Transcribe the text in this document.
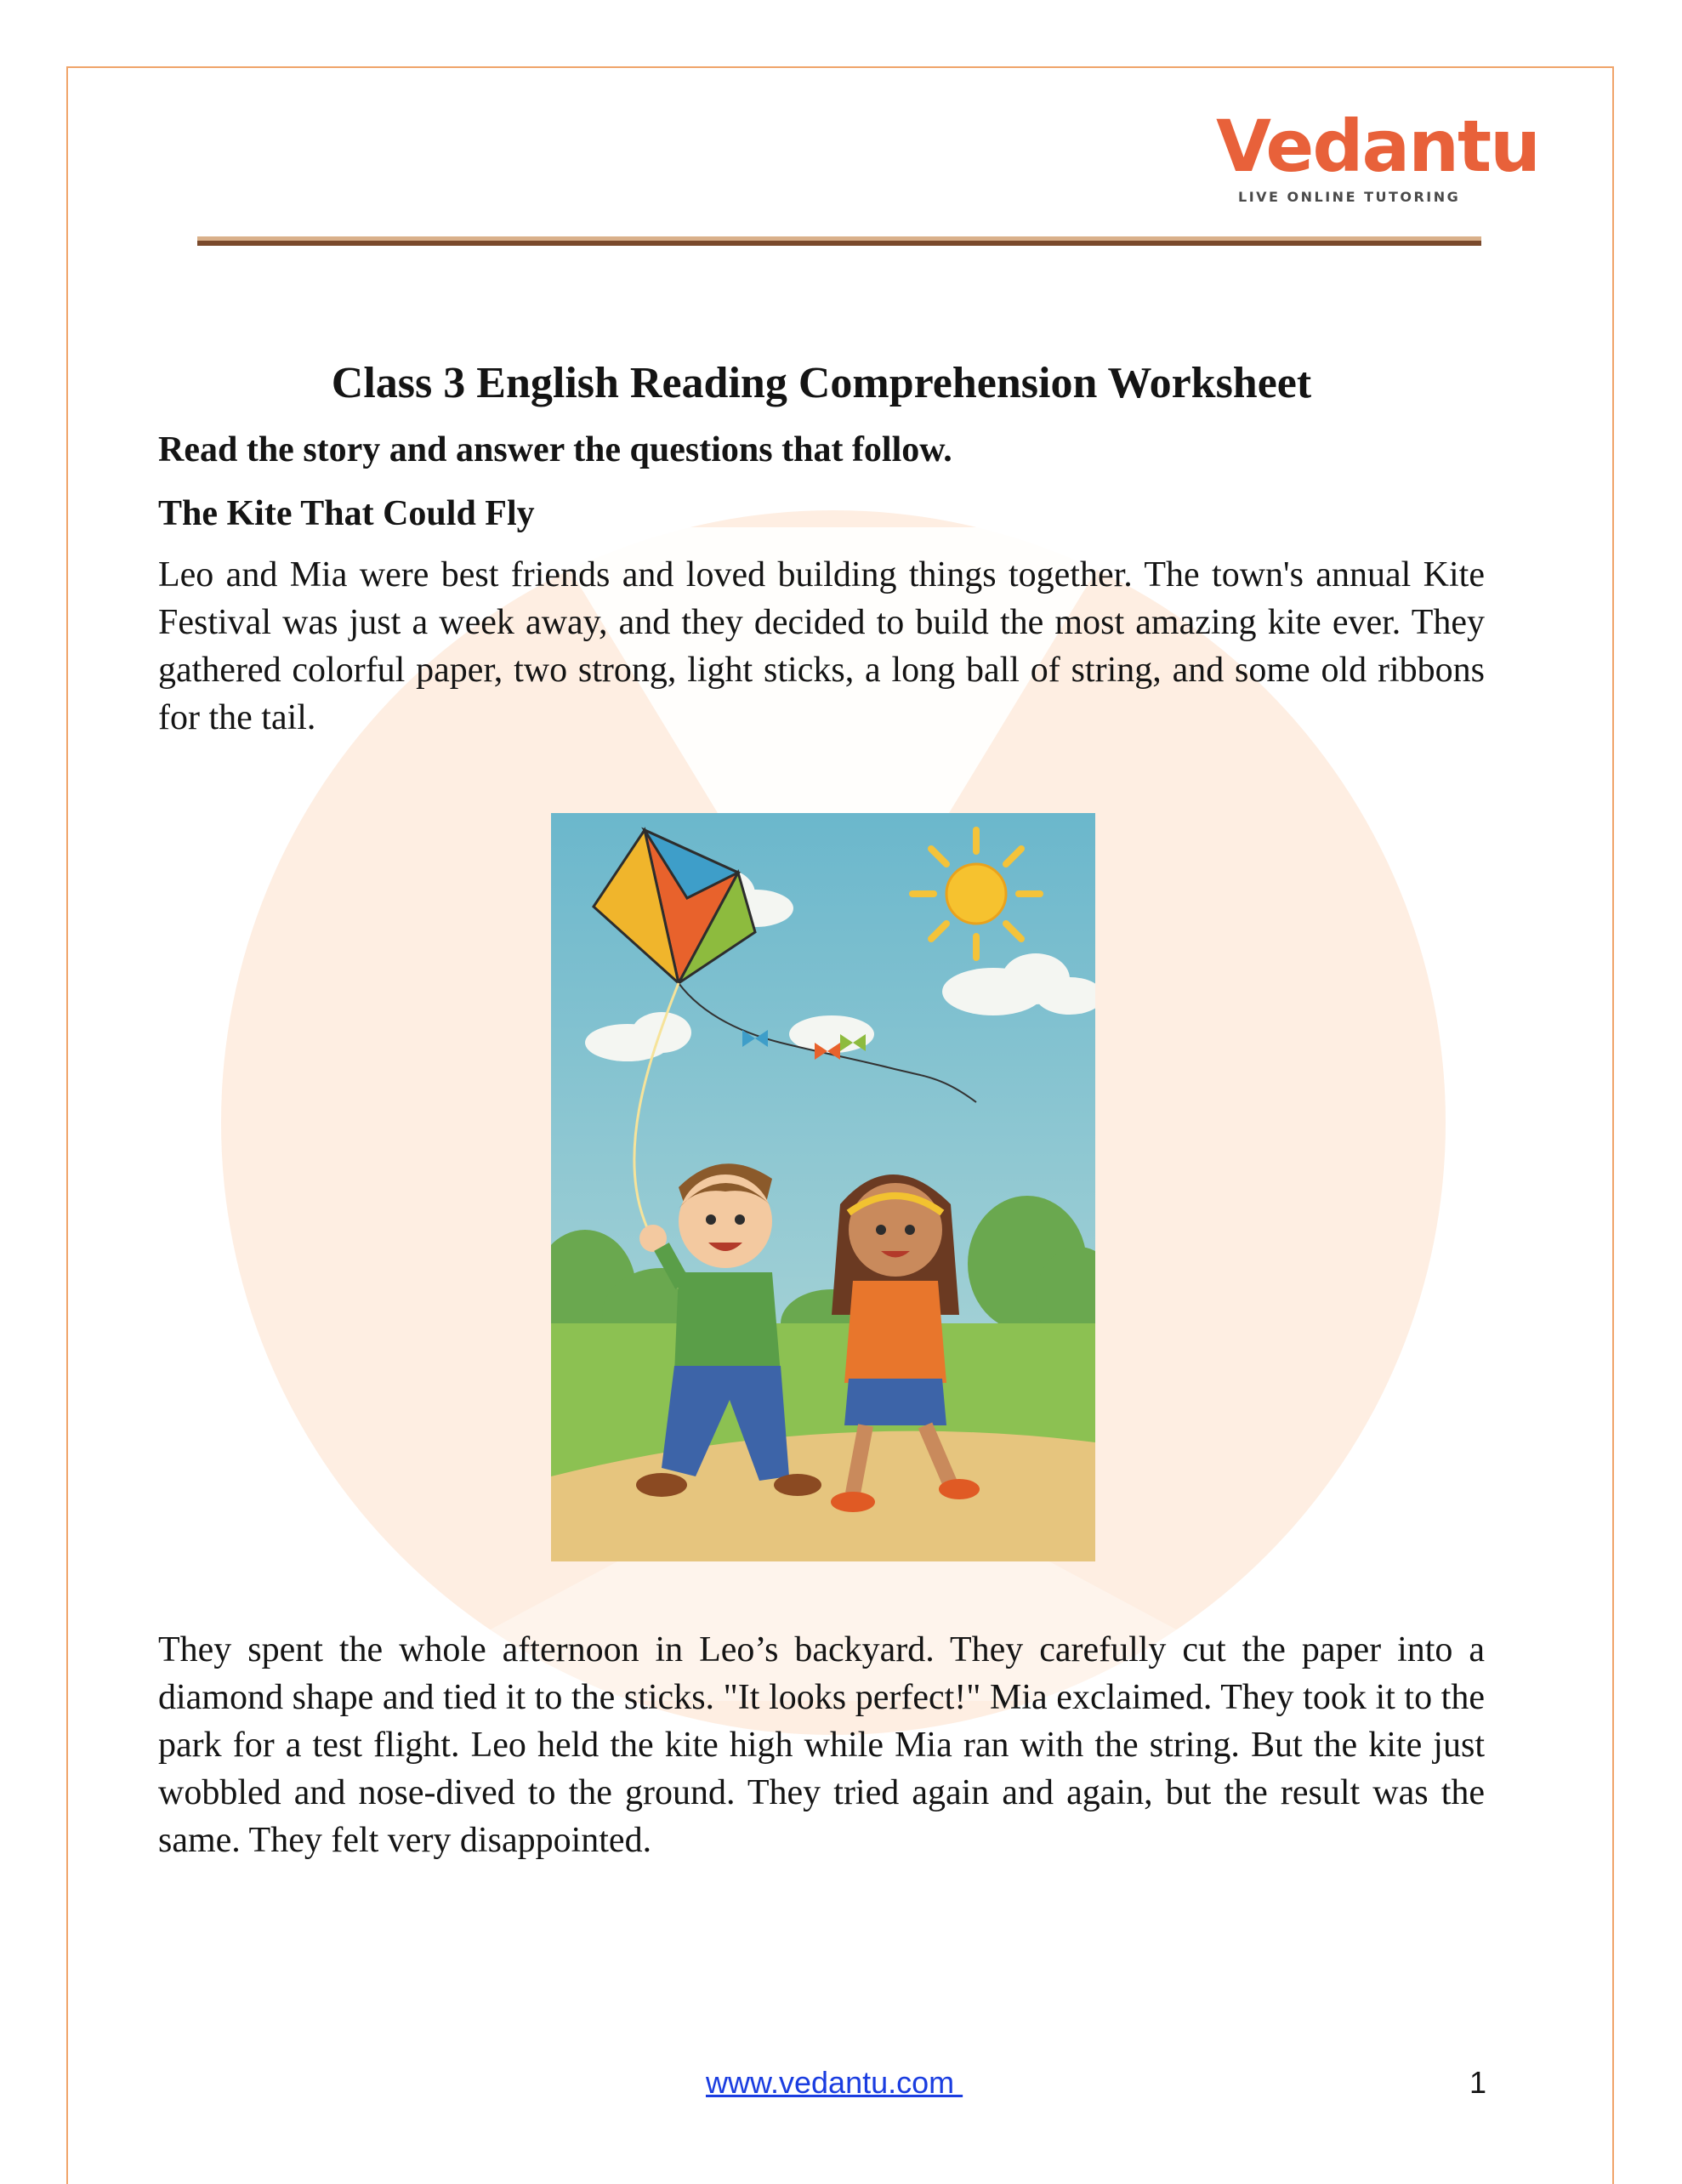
Vedantu
LIVE ONLINE TUTORING
Class 3 English Reading Comprehension Worksheet
Read the story and answer the questions that follow.
The Kite That Could Fly

Leo and Mia were best friends and loved building things together. The town's annual Kite Festival was just a week away, and they decided to build the most amazing kite ever. They gathered colorful paper, two strong, light sticks, a long ball of string, and some old ribbons for the tail.

They spent the whole afternoon in Leo’s backyard. They carefully cut the paper into a diamond shape and tied it to the sticks. "It looks perfect!" Mia exclaimed. They took it to the park for a test flight. Leo held the kite high while Mia ran with the string. But the kite just wobbled and nose-dived to the ground. They tried again and again, but the result was the same. They felt very disappointed.

www.vedantu.com	1
